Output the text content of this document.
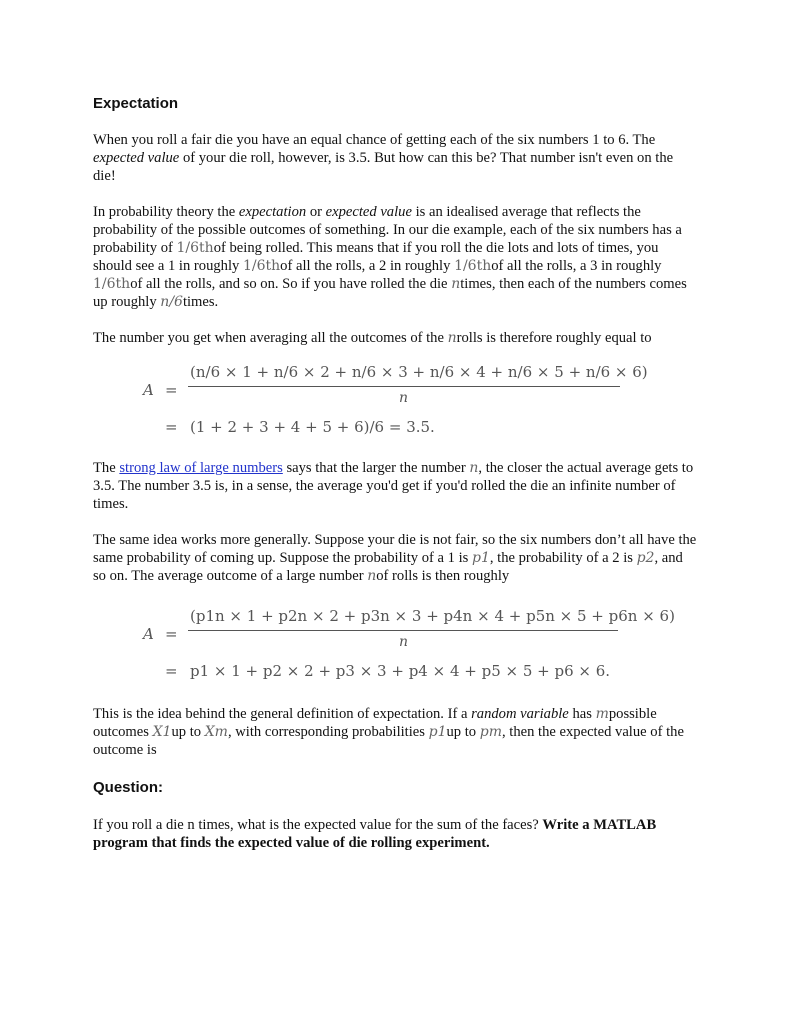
Expectation

When you roll a fair die you have an equal chance of getting each of the six numbers 1 to 6. The expected value of your die roll, however, is 3.5. But how can this be? That number isn't even on the die!

In probability theory the expectation or expected value is an idealised average that reflects the probability of the possible outcomes of something. In our die example, each of the six numbers has a probability of 1/6thof being rolled. This means that if you roll the die lots and lots of times, you should see a 1 in roughly 1/6thof all the rolls, a 2 in roughly 1/6thof all the rolls, a 3 in roughly 1/6thof all the rolls, and so on. So if you have rolled the die ntimes, then each of the numbers comes up roughly n/6times.

The number you get when averaging all the outcomes of the nrolls is therefore roughly equal to

A =
(n/6 × 1 + n/6 × 2 + n/6 × 3 + n/6 × 4 + n/6 × 5 + n/6 × 6)
n
= (1 + 2 + 3 + 4 + 5 + 6)/6 = 3.5.

The strong law of large numbers says that the larger the number n, the closer the actual average gets to 3.5. The number 3.5 is, in a sense, the average you'd get if you'd rolled the die an infinite number of times.

The same idea works more generally. Suppose your die is not fair, so the six numbers don’t all have the same probability of coming up. Suppose the probability of a 1 is p1, the probability of a 2 is p2, and so on. The average outcome of a large number nof rolls is then roughly

A =
(p1n × 1 + p2n × 2 + p3n × 3 + p4n × 4 + p5n × 5 + p6n × 6)
n
= p1 × 1 + p2 × 2 + p3 × 3 + p4 × 4 + p5 × 5 + p6 × 6.

This is the idea behind the general definition of expectation. If a random variable has mpossible outcomes X1up to Xm, with corresponding probabilities p1up to pm, then the expected value of the outcome is

Question:

If you roll a die n times, what is the expected value for the sum of the faces? Write a MATLAB program that finds the expected value of die rolling experiment.
